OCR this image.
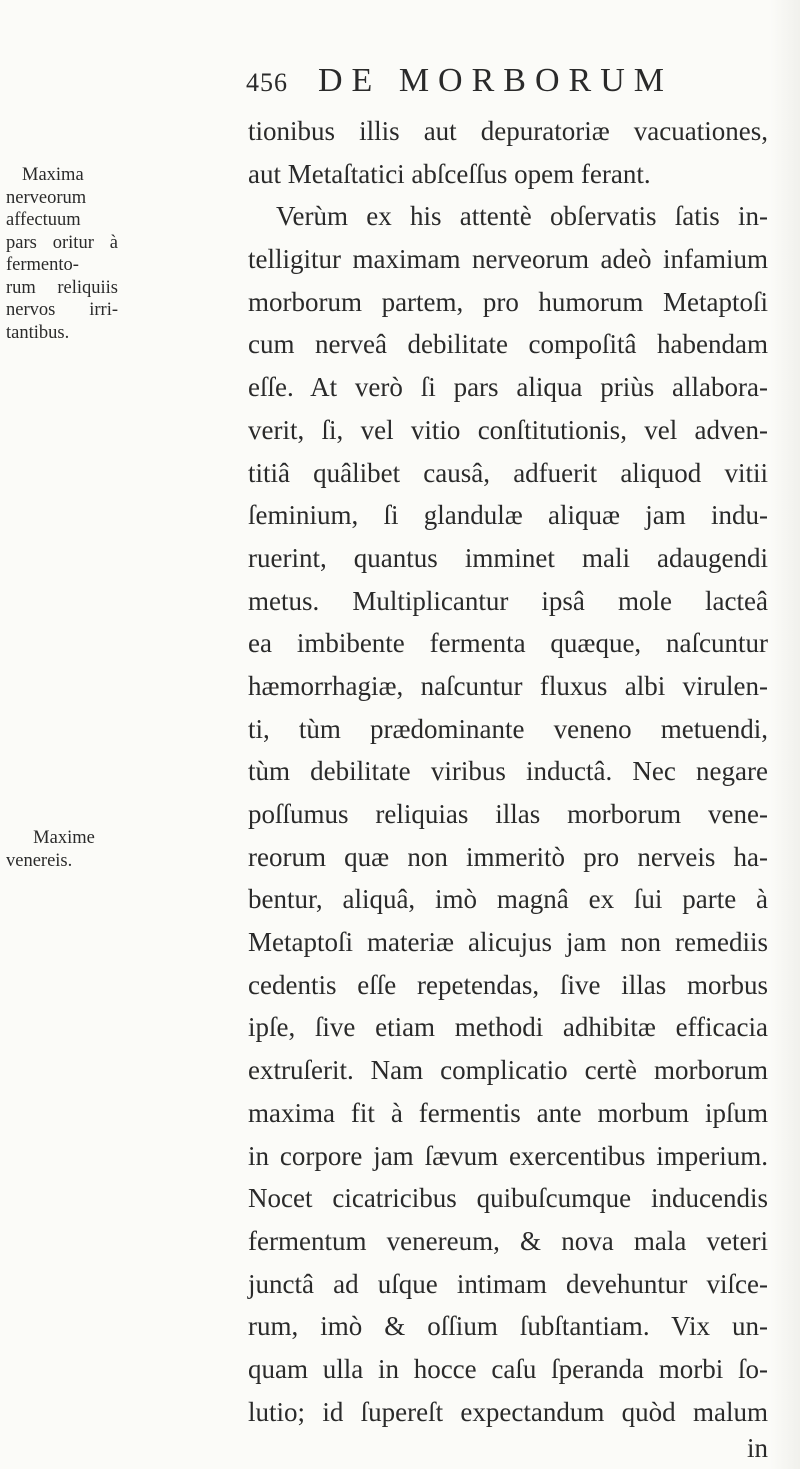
456 DE MORBORUM
Maxima
nerveorum
affectuum
pars oritur à
fermento-
rum reliquiis
nervos irri-
tantibus.
Maxime
venereis.
tionibus illis aut depuratoriæ vacuationes,
aut Metaſtatici abſceſſus opem ferant.
Verùm ex his attentè obſervatis ſatis in-
telligitur maximam nerveorum adeò infamium
morborum partem, pro humorum Metaptoſi
cum nerveâ debilitate compoſitâ habendam
eſſe. At verò ſi pars aliqua priùs allabora-
verit, ſi, vel vitio conſtitutionis, vel adven-
titiâ quâlibet causâ, adfuerit aliquod vitii
ſeminium, ſi glandulæ aliquæ jam indu-
ruerint, quantus imminet mali adaugendi
metus. Multiplicantur ipsâ mole lacteâ
ea imbibente fermenta quæque, naſcuntur
hæmorrhagiæ, naſcuntur fluxus albi virulen-
ti, tùm prædominante veneno metuendi,
tùm debilitate viribus inductâ. Nec negare
poſſumus reliquias illas morborum vene-
reorum quæ non immeritò pro nerveis ha-
bentur, aliquâ, imò magnâ ex ſui parte à
Metaptoſi materiæ alicujus jam non remediis
cedentis eſſe repetendas, ſive illas morbus
ipſe, ſive etiam methodi adhibitæ efficacia
extruſerit. Nam complicatio certè morborum
maxima fit à fermentis ante morbum ipſum
in corpore jam ſævum exercentibus imperium.
Nocet cicatricibus quibuſcumque inducendis
fermentum venereum, & nova mala veteri
junctâ ad uſque intimam devehuntur viſce-
rum, imò & oſſium ſubſtantiam. Vix un-
quam ulla in hocce caſu ſperanda morbi ſo-
lutio; id ſupereſt expectandum quòd malum
in
